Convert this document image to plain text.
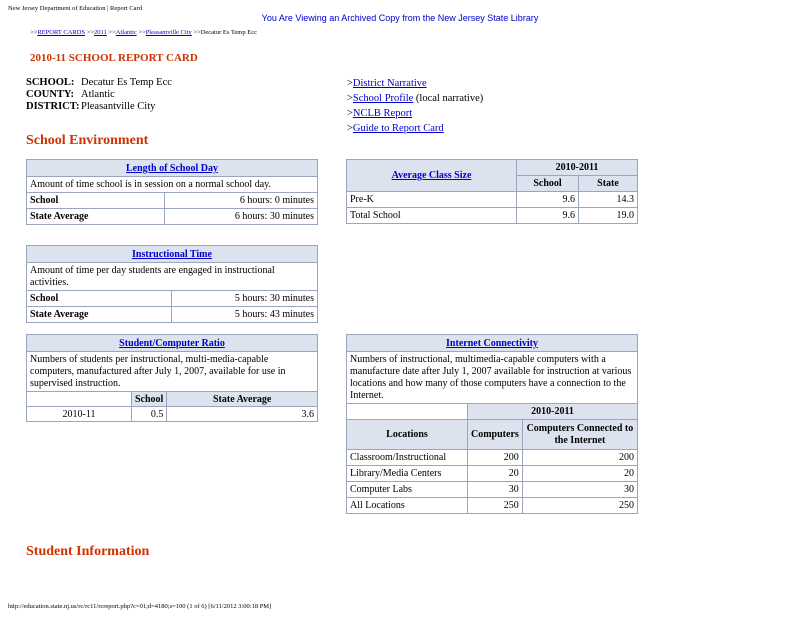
New Jersey Department of Education | Report Card
You Are Viewing an Archived Copy from the New Jersey State Library
>>REPORT CARDS >>2011 >>Atlantic >>Pleasantville City >>Decatur Es Temp Ecc
2010-11 SCHOOL REPORT CARD
SCHOOL: Decatur Es Temp Ecc
COUNTY: Atlantic
DISTRICT: Pleasantville City
>District Narrative
>School Profile (local narrative)
>NCLB Report
>Guide to Report Card
School Environment
Length of School Day	
Amount of time school is in session on a normal school day.	
School	6 hours: 0 minutes
State Average	6 hours: 30 minutes
Average Class Size	2010-2011	
	School	State
Pre-K	9.6	14.3
Total School	9.6	19.0
Instructional Time	
Amount of time per day students are engaged in instructional activities.	
School	5 hours: 30 minutes
State Average	5 hours: 43 minutes
Student/Computer Ratio		
Numbers of students per instructional, multi-media-capable computers, manufactured after July 1, 2007, available for use in supervised instruction.		
	School	State Average
2010-11	0.5	3.6
Internet Connectivity		
Numbers of instructional, multimedia-capable computers with a manufacture date after July 1, 2007 available for instruction at various locations and how many of those computers have a connection to the Internet.		
	2010-2011	
Locations	Computers	Computers Connected to the Internet
Classroom/Instructional	200	200
Library/Media Centers	20	20
Computer Labs	30	30
All Locations	250	250
Student Information
http://education.state.nj.us/rc/rc11/rcreport.php?c=01;d=4180;s=100 (1 of 6) [6/11/2012 3:00:18 PM]
